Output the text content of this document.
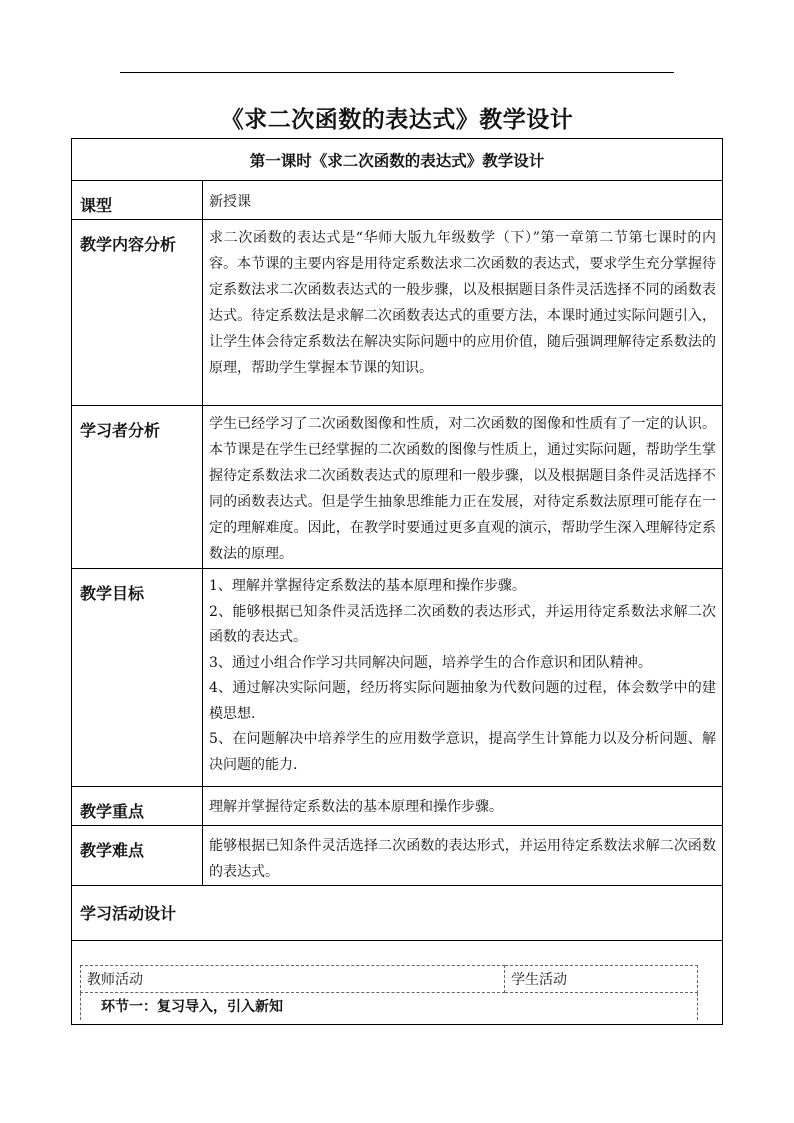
《求二次函数的表达式》教学设计
第一课时《求二次函数的表达式》教学设计

课型	新授课

教学内容分析	求二次函数的表达式是“华师大版九年级数学（下）”第一章第二节第七课时的内容。本节课的主要内容是用待定系数法求二次函数的表达式，要求学生充分掌握待定系数法求二次函数表达式的一般步骤，以及根据题目条件灵活选择不同的函数表达式。待定系数法是求解二次函数表达式的重要方法，本课时通过实际问题引入，让学生体会待定系数法在解决实际问题中的应用价值，随后强调理解待定系数法的原理，帮助学生掌握本节课的知识。

学习者分析	学生已经学习了二次函数图像和性质，对二次函数的图像和性质有了一定的认识。本节课是在学生已经掌握的二次函数的图像与性质上，通过实际问题，帮助学生掌握待定系数法求二次函数表达式的原理和一般步骤，以及根据题目条件灵活选择不同的函数表达式。但是学生抽象思维能力正在发展，对待定系数法原理可能存在一定的理解难度。因此，在教学时要通过更多直观的演示，帮助学生深入理解待定系数法的原理。

教学目标	1、理解并掌握待定系数法的基本原理和操作步骤。
2、能够根据已知条件灵活选择二次函数的表达形式，并运用待定系数法求解二次函数的表达式。
3、通过小组合作学习共同解决问题，培养学生的合作意识和团队精神。
4、通过解决实际问题，经历将实际问题抽象为代数问题的过程，体会数学中的建模思想.
5、在问题解决中培养学生的应用数学意识，提高学生计算能力以及分析问题、解决问题的能力.

教学重点	理解并掌握待定系数法的基本原理和操作步骤。

教学难点	能够根据已知条件灵活选择二次函数的表达形式，并运用待定系数法求解二次函数的表达式。

学习活动设计

教师活动	学生活动
环节一：复习导入，引入新知
